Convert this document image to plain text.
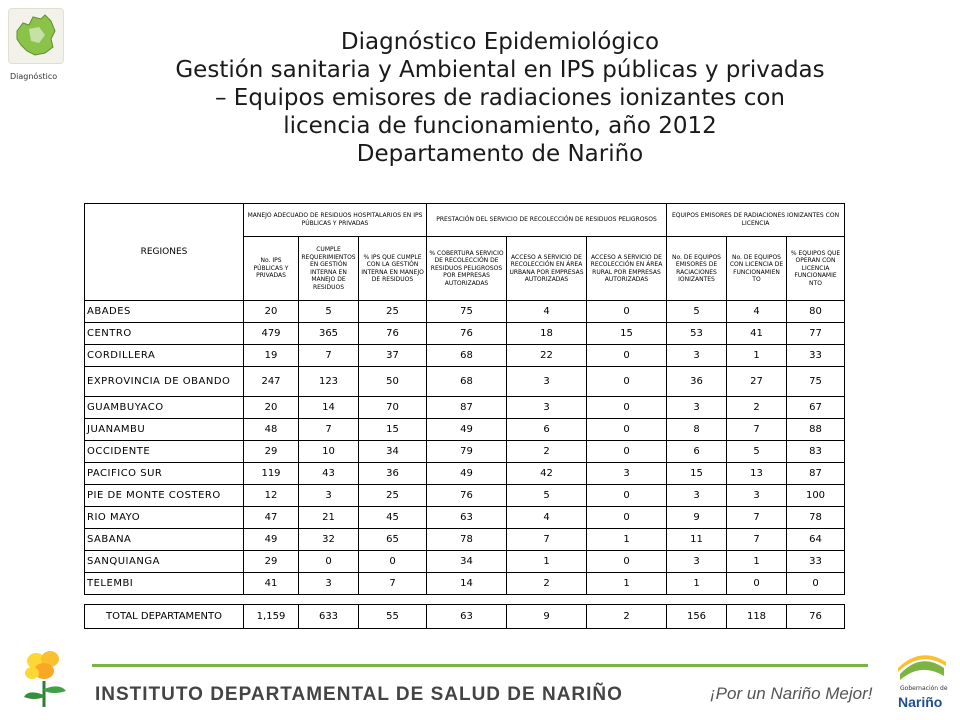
Diagnóstico
Diagnóstico Epidemiológico
Gestión sanitaria y Ambiental en IPS públicas y privadas
– Equipos emisores de radiaciones ionizantes con
licencia de funcionamiento, año 2012
Departamento de Nariño
REGIONES	MANEJO ADECUADO DE RESIDUOS HOSPITALARIOS EN IPS PÚBLICAS Y PRIVADAS			PRESTACIÓN DEL SERVICIO DE RECOLECCIÓN DE RESIDUOS PELIGROSOS			EQUIPOS EMISORES DE RADIACIONES IONIZANTES CON LICENCIA		
	No. IPS PÚBLICAS Y PRIVADAS	CUMPLE REQUERIMIENTOS EN GESTIÓN INTERNA EN MANEJO DE RESIDUOS	% IPS QUE CUMPLE CON LA GESTIÓN INTERNA EN MANEJO DE RESIDUOS	% COBERTURA SERVICIO DE RECOLECCIÓN DE RESIDUOS PELIGROSOS POR EMPRESAS AUTORIZADAS	ACCESO A SERVICIO DE RECOLECCIÓN EN ÁREA URBANA POR EMPRESAS AUTORIZADAS	ACCESO A SERVICIO DE RECOLECCIÓN EN ÁREA RURAL POR EMPRESAS AUTORIZADAS	No. DE EQUIPOS EMISORES DE RACIACIONES IONIZANTES	No. DE EQUIPOS CON LICENCIA DE FUNCIONAMIEN TO	% EQUIPOS QUE OPERAN CON LICENCIA FUNCIONAMIE NTO
ABADES	20	5	25	75	4	0	5	4	80
CENTRO	479	365	76	76	18	15	53	41	77
CORDILLERA	19	7	37	68	22	0	3	1	33
EXPROVINCIA DE OBANDO	247	123	50	68	3	0	36	27	75
GUAMBUYACO	20	14	70	87	3	0	3	2	67
JUANAMBU	48	7	15	49	6	0	8	7	88
OCCIDENTE	29	10	34	79	2	0	6	5	83
PACIFICO SUR	119	43	36	49	42	3	15	13	87
PIE DE MONTE COSTERO	12	3	25	76	5	0	3	3	100
RIO MAYO	47	21	45	63	4	0	9	7	78
SABANA	49	32	65	78	7	1	11	7	64
SANQUIANGA	29	0	0	34	1	0	3	1	33
TELEMBI	41	3	7	14	2	1	1	0	0

TOTAL DEPARTAMENTO	1,159	633	55	63	9	2	156	118	76
INSTITUTO DEPARTAMENTAL DE SALUD DE NARIÑO	¡Por un Nariño Mejor!	Gobernación de
Nariño
